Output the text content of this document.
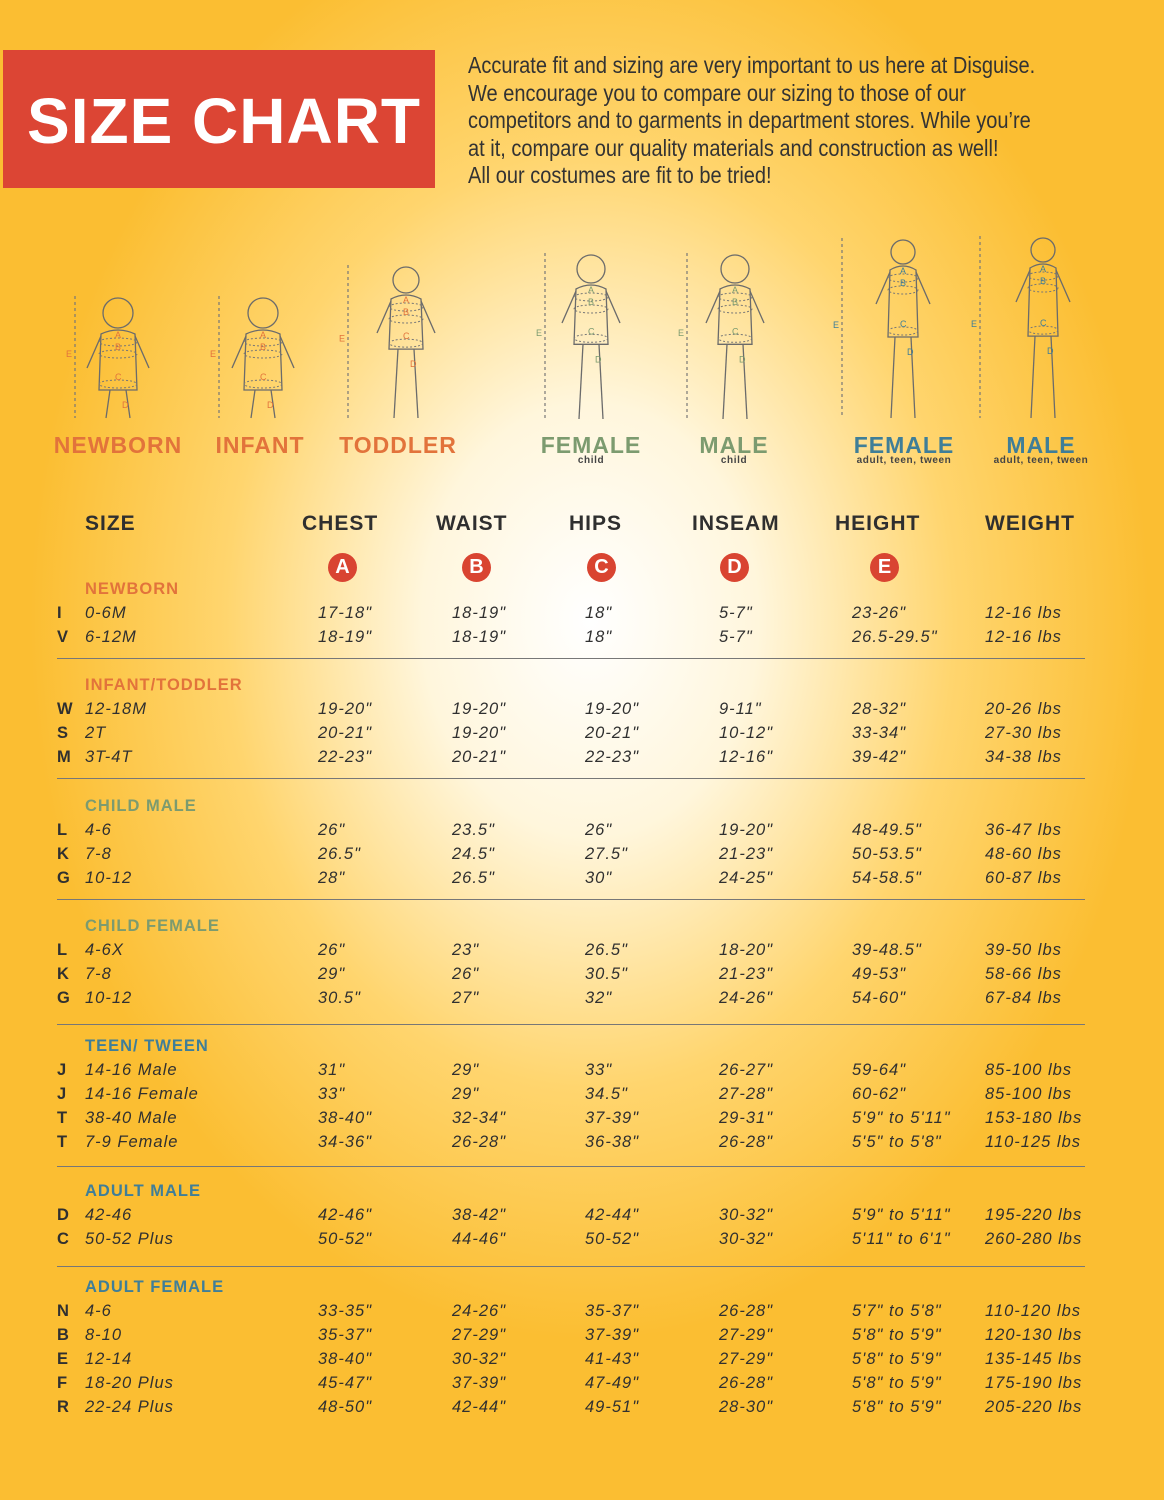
SIZE CHART
Accurate fit and sizing are very important to us here at Disguise.
We encourage you to compare our sizing to those of our
competitors and to garments in department stores. While you’re
at it, compare our quality materials and construction as well!
All our costumes are fit to be tried!
E
A
B
C
D
E
A
B
C
D
E
A
B
C
D
E
A
B
C
D
E
A
B
C
D
E
A
B
C
D
E
A
B
C
D
NEWBORN INFANT TODDLER	FEMALE	MALE	FEMALE MALE
child	child	adult, teen, tween	adult, teen, tween
SIZE	CHEST	WAIST	HIPS	INSEAM	HEIGHT	WEIGHT
A	B	C	D	E
NEWBORN
I 0-6M	17-18"	18-19"	18"	5-7"	23-26"	12-16 lbs
V 6-12M	18-19"	18-19"	18"	5-7"	26.5-29.5"	12-16 lbs
INFANT/TODDLER
W 12-18M	19-20"	19-20"	19-20"	9-11"	28-32"	20-26 lbs
S 2T	20-21"	19-20"	20-21"	10-12"	33-34"	27-30 lbs
M 3T-4T	22-23"	20-21"	22-23"	12-16"	39-42"	34-38 lbs
CHILD MALE
L 4-6	26"	23.5"	26"	19-20"	48-49.5"	36-47 lbs
K 7-8	26.5"	24.5"	27.5"	21-23"	50-53.5"	48-60 lbs
G 10-12	28"	26.5"	30"	24-25"	54-58.5"	60-87 lbs
CHILD FEMALE
L 4-6X	26"	23"	26.5"	18-20"	39-48.5"	39-50 lbs
K 7-8	29"	26"	30.5"	21-23"	49-53"	58-66 lbs
G 10-12	30.5"	27"	32"	24-26"	54-60"	67-84 lbs
TEEN/ TWEEN
J 14-16 Male	31"	29"	33"	26-27"	59-64"	85-100 lbs
J 14-16 Female	33"	29"	34.5"	27-28"	60-62"	85-100 lbs
T 38-40 Male	38-40"	32-34"	37-39"	29-31"	5'9" to 5'11" 153-180 lbs
T 7-9 Female	34-36"	26-28"	36-38"	26-28"	5'5" to 5'8"	110-125 lbs
ADULT MALE
D 42-46	42-46"	38-42"	42-44"	30-32"	5'9" to 5'11" 195-220 lbs
C 50-52 Plus	50-52"	44-46"	50-52"	30-32"	5'11" to 6'1" 260-280 lbs
ADULT FEMALE
N 4-6	33-35"	24-26"	35-37"	26-28"	5'7" to 5'8"	110-120 lbs
B 8-10	35-37"	27-29"	37-39"	27-29"	5'8" to 5'9"	120-130 lbs
E 12-14	38-40"	30-32"	41-43"	27-29"	5'8" to 5'9"	135-145 lbs
F 18-20 Plus	45-47"	37-39"	47-49"	26-28"	5'8" to 5'9"	175-190 lbs
R 22-24 Plus	48-50"	42-44"	49-51"	28-30"	5'8" to 5'9"	205-220 lbs
